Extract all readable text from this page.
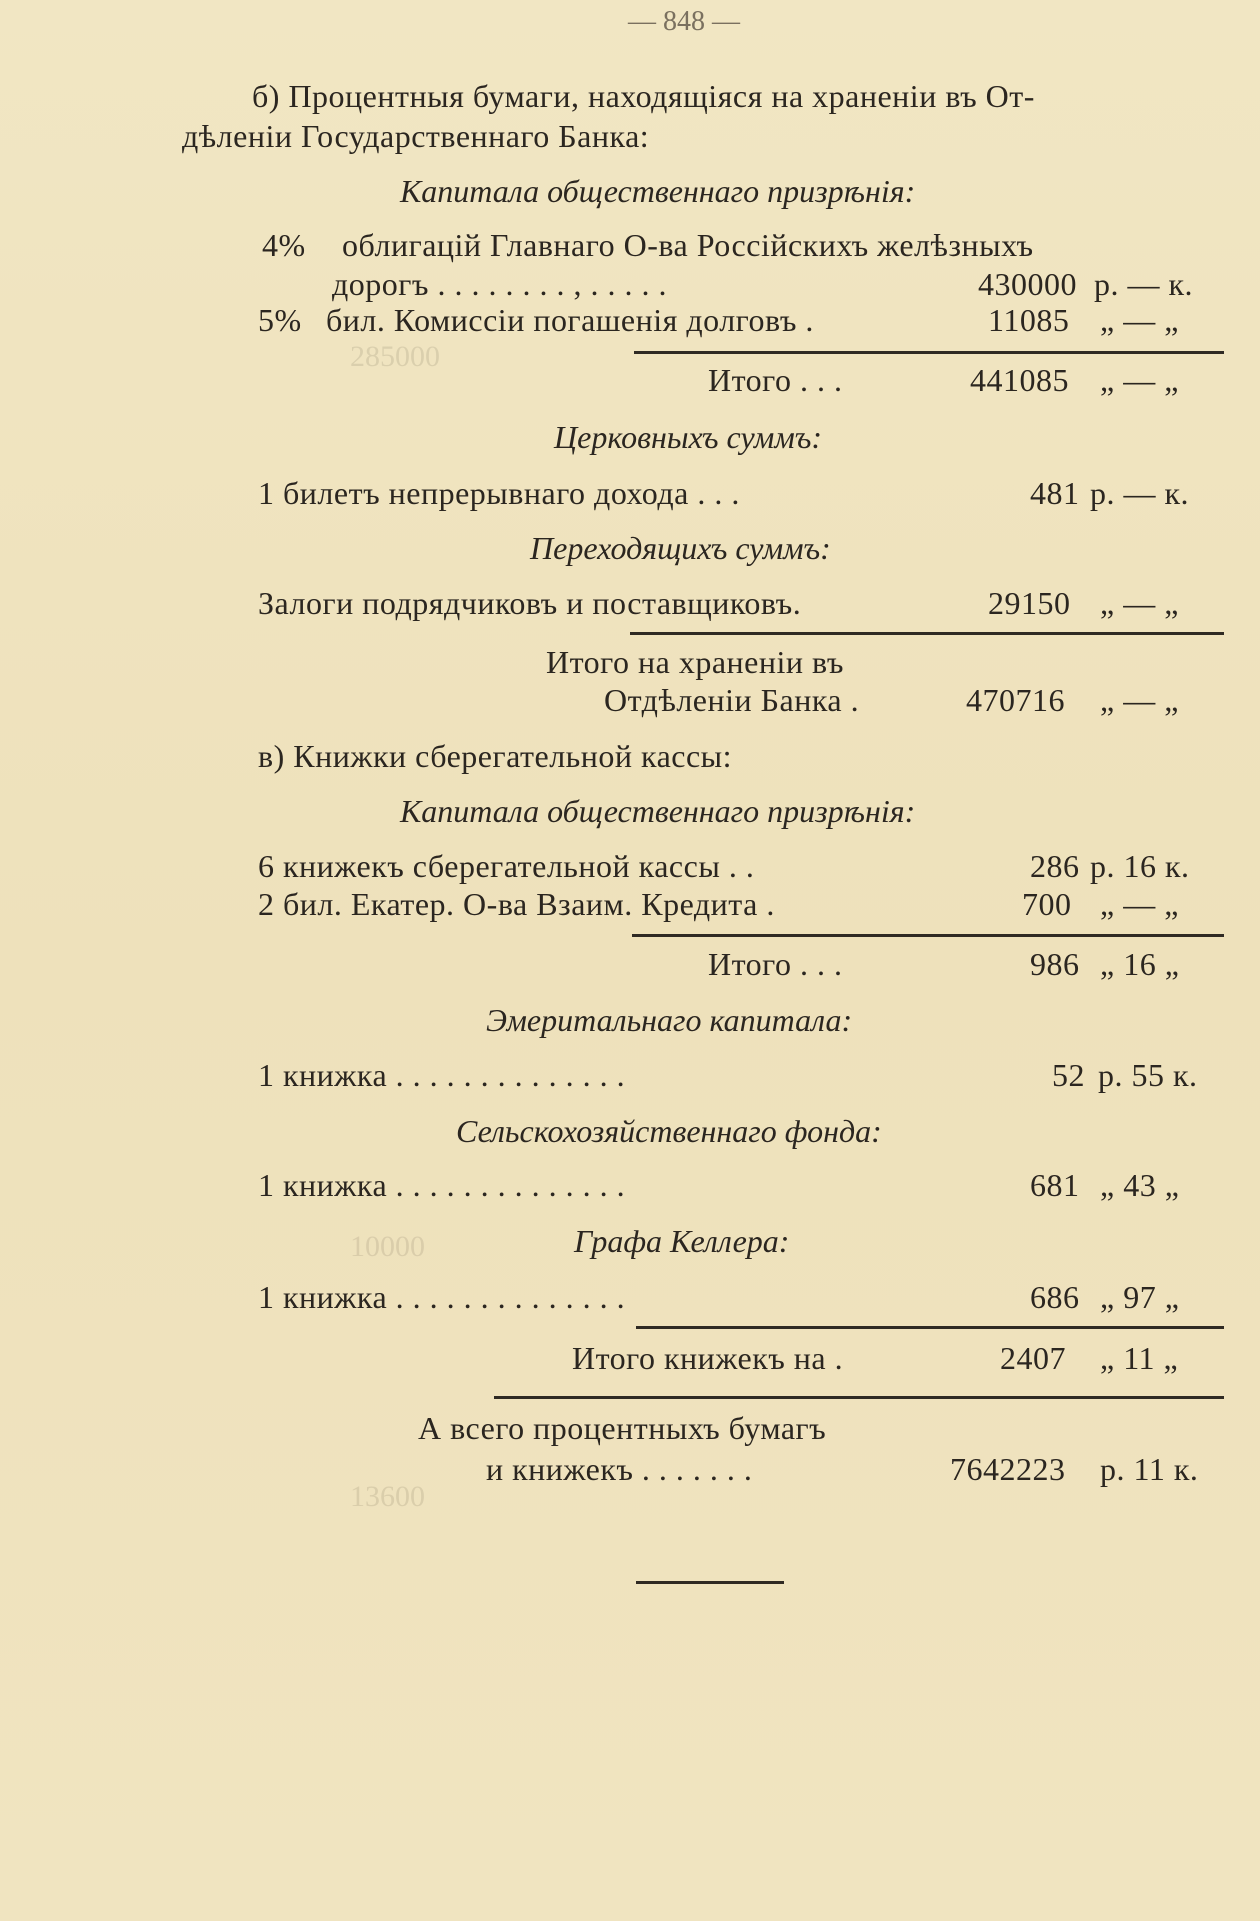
285000
10000
13600
— 848 —
б) Процентныя бумаги, находящіяся на храненіи въ От-
дѣленіи Государственнаго Банка:
Капитала общественнаго призрѣнія:
4% облигацій Главнаго О-ва Россійскихъ желѣзныхъ
дорогъ . . . . . . . . , . . . . .	430000 р. — к.
5% бил. Комиссіи погашенія долговъ .	11085 „ — „
Итого . . .	441085 „ — „
Церковныхъ суммъ:
1 билетъ непрерывнаго дохода . . .	481 р. — к.
Переходящихъ суммъ:
Залоги подрядчиковъ и поставщиковъ.	29150 „ — „
Итого на храненіи въ
Отдѣленіи Банка .	470716 „ — „
в) Книжки сберегательной кассы:
Капитала общественнаго призрѣнія:
6 книжекъ сберегательной кассы . .	286 р. 16 к.
2 бил. Екатер. О-ва Взаим. Кредита .	700 „ — „
Итого . . .	986 „ 16 „
Эмеритальнаго капитала:
1 книжка . . . . . . . . . . . . . .	52 р. 55 к.
Сельскохозяйственнаго фонда:
1 книжка . . . . . . . . . . . . . .	681 „ 43 „
Графа Келлера:
1 книжка . . . . . . . . . . . . . .	686 „ 97 „
Итого книжекъ на .	2407 „ 11 „
А всего процентныхъ бумагъ
и книжекъ . . . . . . .	7642223 р. 11 к.
